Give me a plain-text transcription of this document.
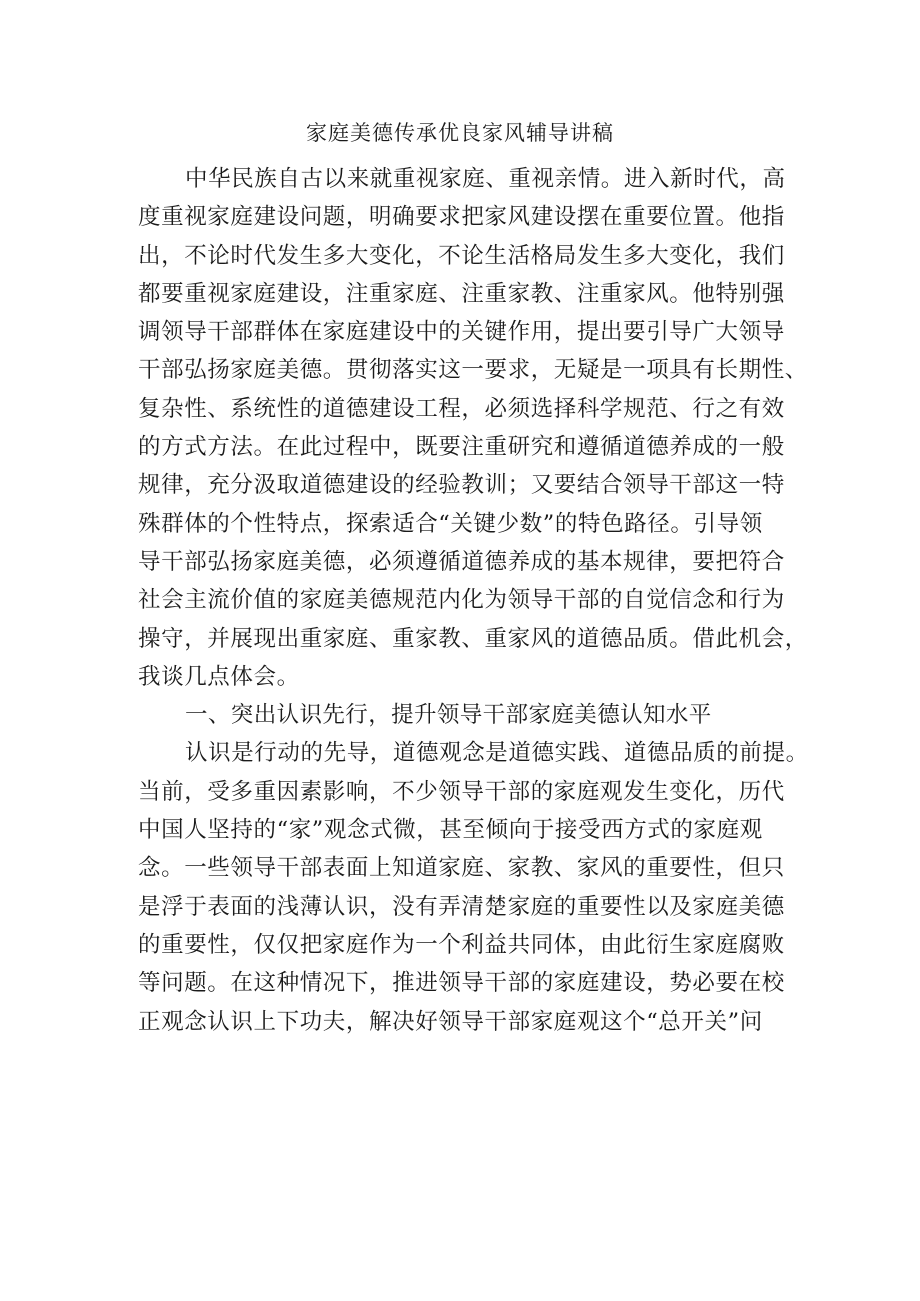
家庭美德传承优良家风辅导讲稿
中华民族自古以来就重视家庭、重视亲情。进入新时代，高
度重视家庭建设问题，明确要求把家风建设摆在重要位置。他指
出，不论时代发生多大变化，不论生活格局发生多大变化，我们
都要重视家庭建设，注重家庭、注重家教、注重家风。他特别强
调领导干部群体在家庭建设中的关键作用，提出要引导广大领导
干部弘扬家庭美德。贯彻落实这一要求，无疑是一项具有长期性、
复杂性、系统性的道德建设工程，必须选择科学规范、行之有效
的方式方法。在此过程中，既要注重研究和遵循道德养成的一般
规律，充分汲取道德建设的经验教训；又要结合领导干部这一特
殊群体的个性特点，探索适合“关键少数”的特色路径。引导领
导干部弘扬家庭美德，必须遵循道德养成的基本规律，要把符合
社会主流价值的家庭美德规范内化为领导干部的自觉信念和行为
操守，并展现出重家庭、重家教、重家风的道德品质。借此机会，
我谈几点体会。
一、突出认识先行，提升领导干部家庭美德认知水平
认识是行动的先导，道德观念是道德实践、道德品质的前提。
当前，受多重因素影响，不少领导干部的家庭观发生变化，历代
中国人坚持的“家”观念式微，甚至倾向于接受西方式的家庭观
念。一些领导干部表面上知道家庭、家教、家风的重要性，但只
是浮于表面的浅薄认识，没有弄清楚家庭的重要性以及家庭美德
的重要性，仅仅把家庭作为一个利益共同体，由此衍生家庭腐败
等问题。在这种情况下，推进领导干部的家庭建设，势必要在校
正观念认识上下功夫，解决好领导干部家庭观这个“总开关”问
